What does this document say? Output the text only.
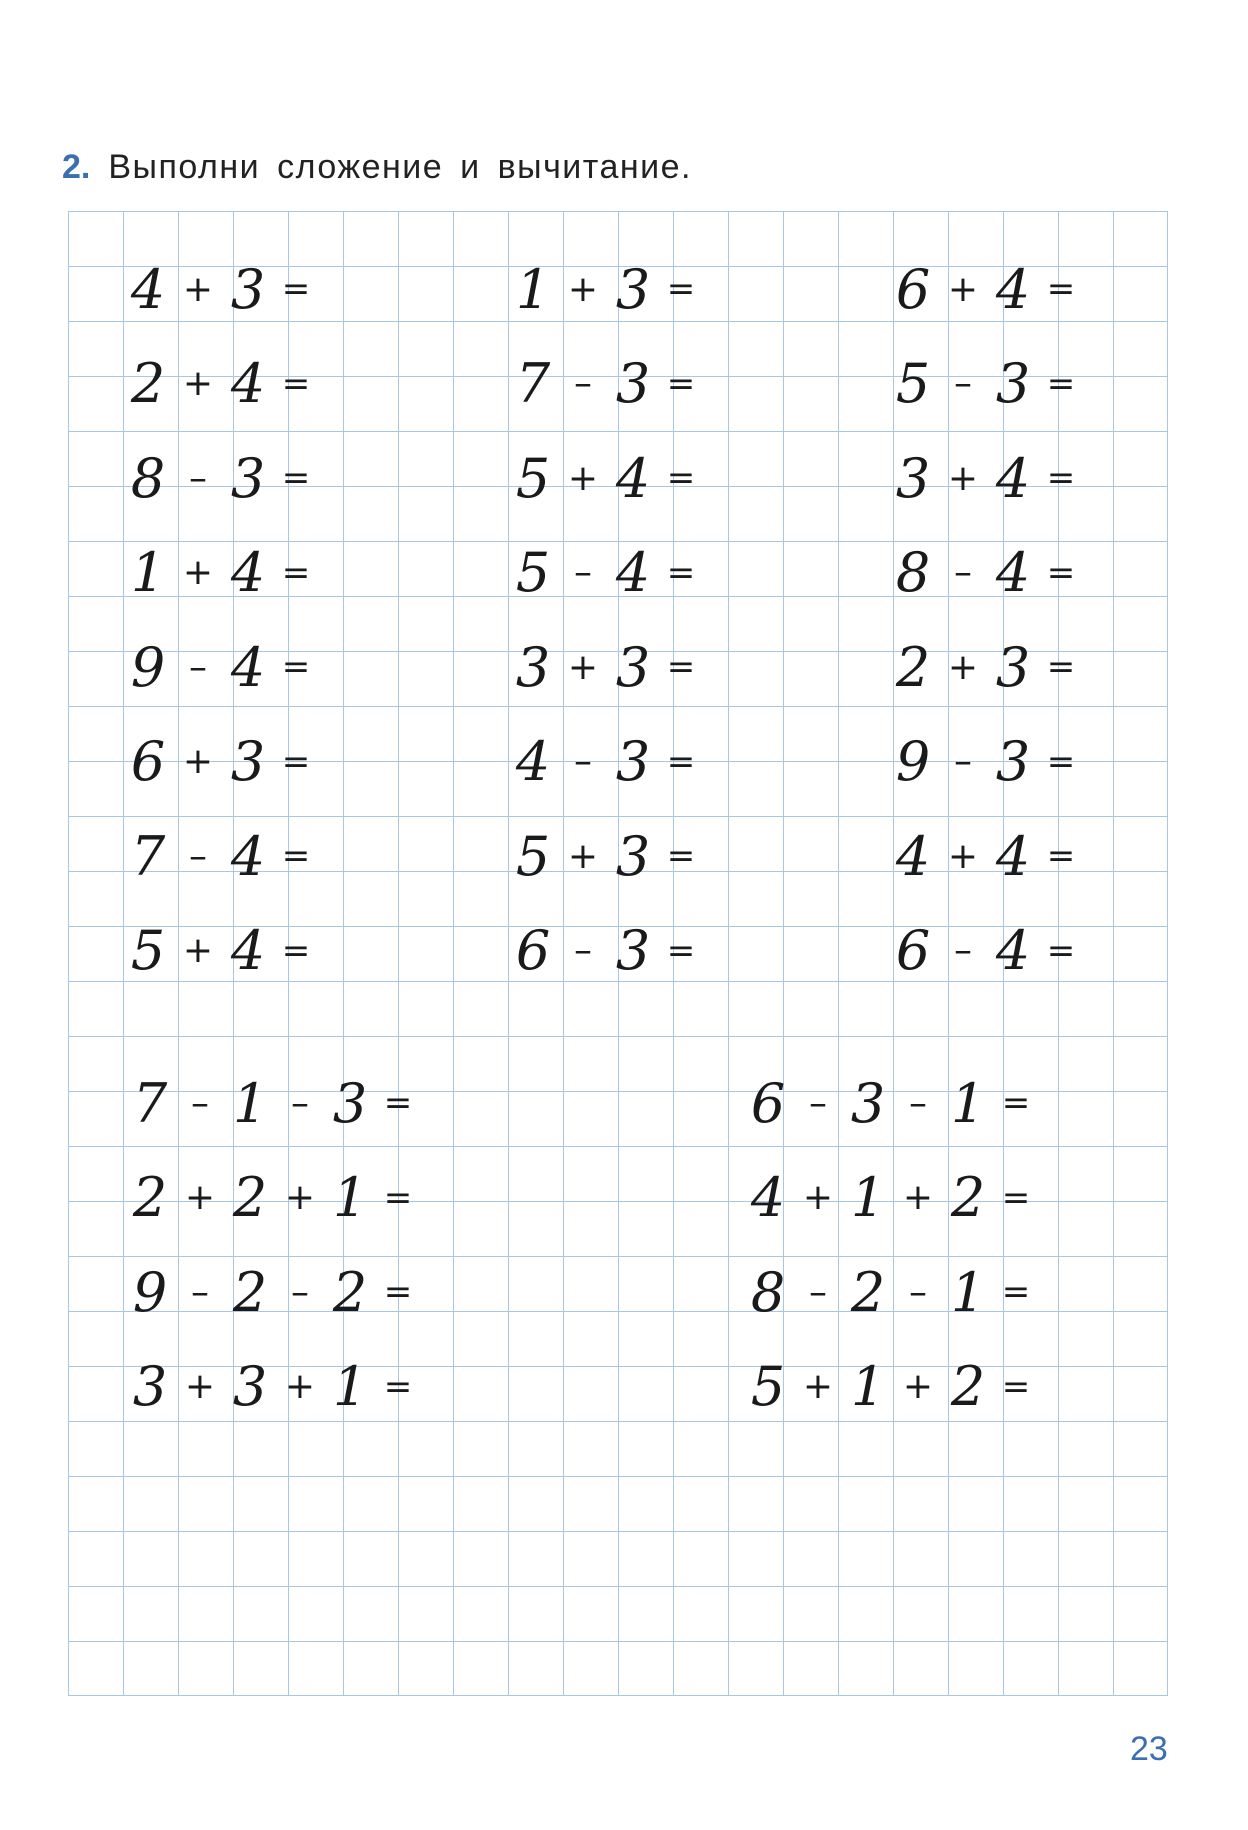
2. Выполни сложение и вычитание.
4 + 3 =
2 + 4 =
8 – 3 =
1 + 4 =
9 – 4 =
6 + 3 =
7 – 4 =
5 + 4 =
1 + 3 =
7 – 3 =
5 + 4 =
5 – 4 =
3 + 3 =
4 – 3 =
5 + 3 =
6 – 3 =
6 + 4 =
5 – 3 =
3 + 4 =
8 – 4 =
2 + 3 =
9 – 3 =
4 + 4 =
6 – 4 =
7 – 1 – 3 =
2 + 2 + 1 =
9 – 2 – 2 =
3 + 3 + 1 =
6 – 3 – 1 =
4 + 1 + 2 =
8 – 2 – 1 =
5 + 1 + 2 =
23
